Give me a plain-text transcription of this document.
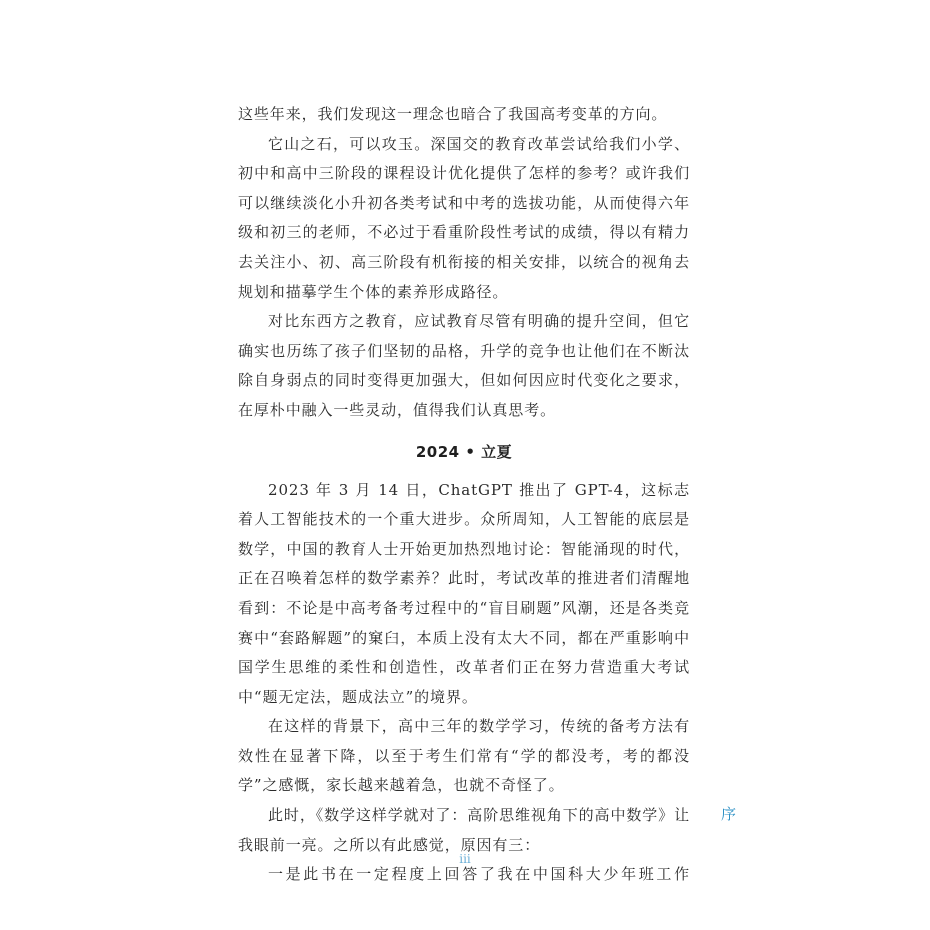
这些年来，我们发现这一理念也暗合了我国高考变革的方向。

它山之石，可以攻玉。深国交的教育改革尝试给我们小学、初中和高中三阶段的课程设计优化提供了怎样的参考？或许我们可以继续淡化小升初各类考试和中考的选拔功能，从而使得六年级和初三的老师，不必过于看重阶段性考试的成绩，得以有精力去关注小、初、高三阶段有机衔接的相关安排，以统合的视角去规划和描摹学生个体的素养形成路径。

对比东西方之教育，应试教育尽管有明确的提升空间，但它确实也历练了孩子们坚韧的品格，升学的竞争也让他们在不断汰除自身弱点的同时变得更加强大，但如何因应时代变化之要求，在厚朴中融入一些灵动，值得我们认真思考。

2024 • 立夏

2023 年 3 月 14 日，ChatGPT 推出了 GPT-4，这标志着人工智能技术的一个重大进步。众所周知，人工智能的底层是数学，中国的教育人士开始更加热烈地讨论：智能涌现的时代，正在召唤着怎样的数学素养？此时，考试改革的推进者们清醒地看到：不论是中高考备考过程中的“盲目刷题”风潮，还是各类竞赛中“套路解题”的窠臼，本质上没有太大不同，都在严重影响中国学生思维的柔性和创造性，改革者们正在努力营造重大考试中“题无定法，题成法立”的境界。

在这样的背景下，高中三年的数学学习，传统的备考方法有效性在显著下降，以至于考生们常有“学的都没考，考的都没学”之感慨，家长越来越着急，也就不奇怪了。

此时，《数学这样学就对了：高阶思维视角下的高中数学》让我眼前一亮。之所以有此感觉，原因有三：

一是此书在一定程度上回答了我在中国科大少年班工作

序
iii
